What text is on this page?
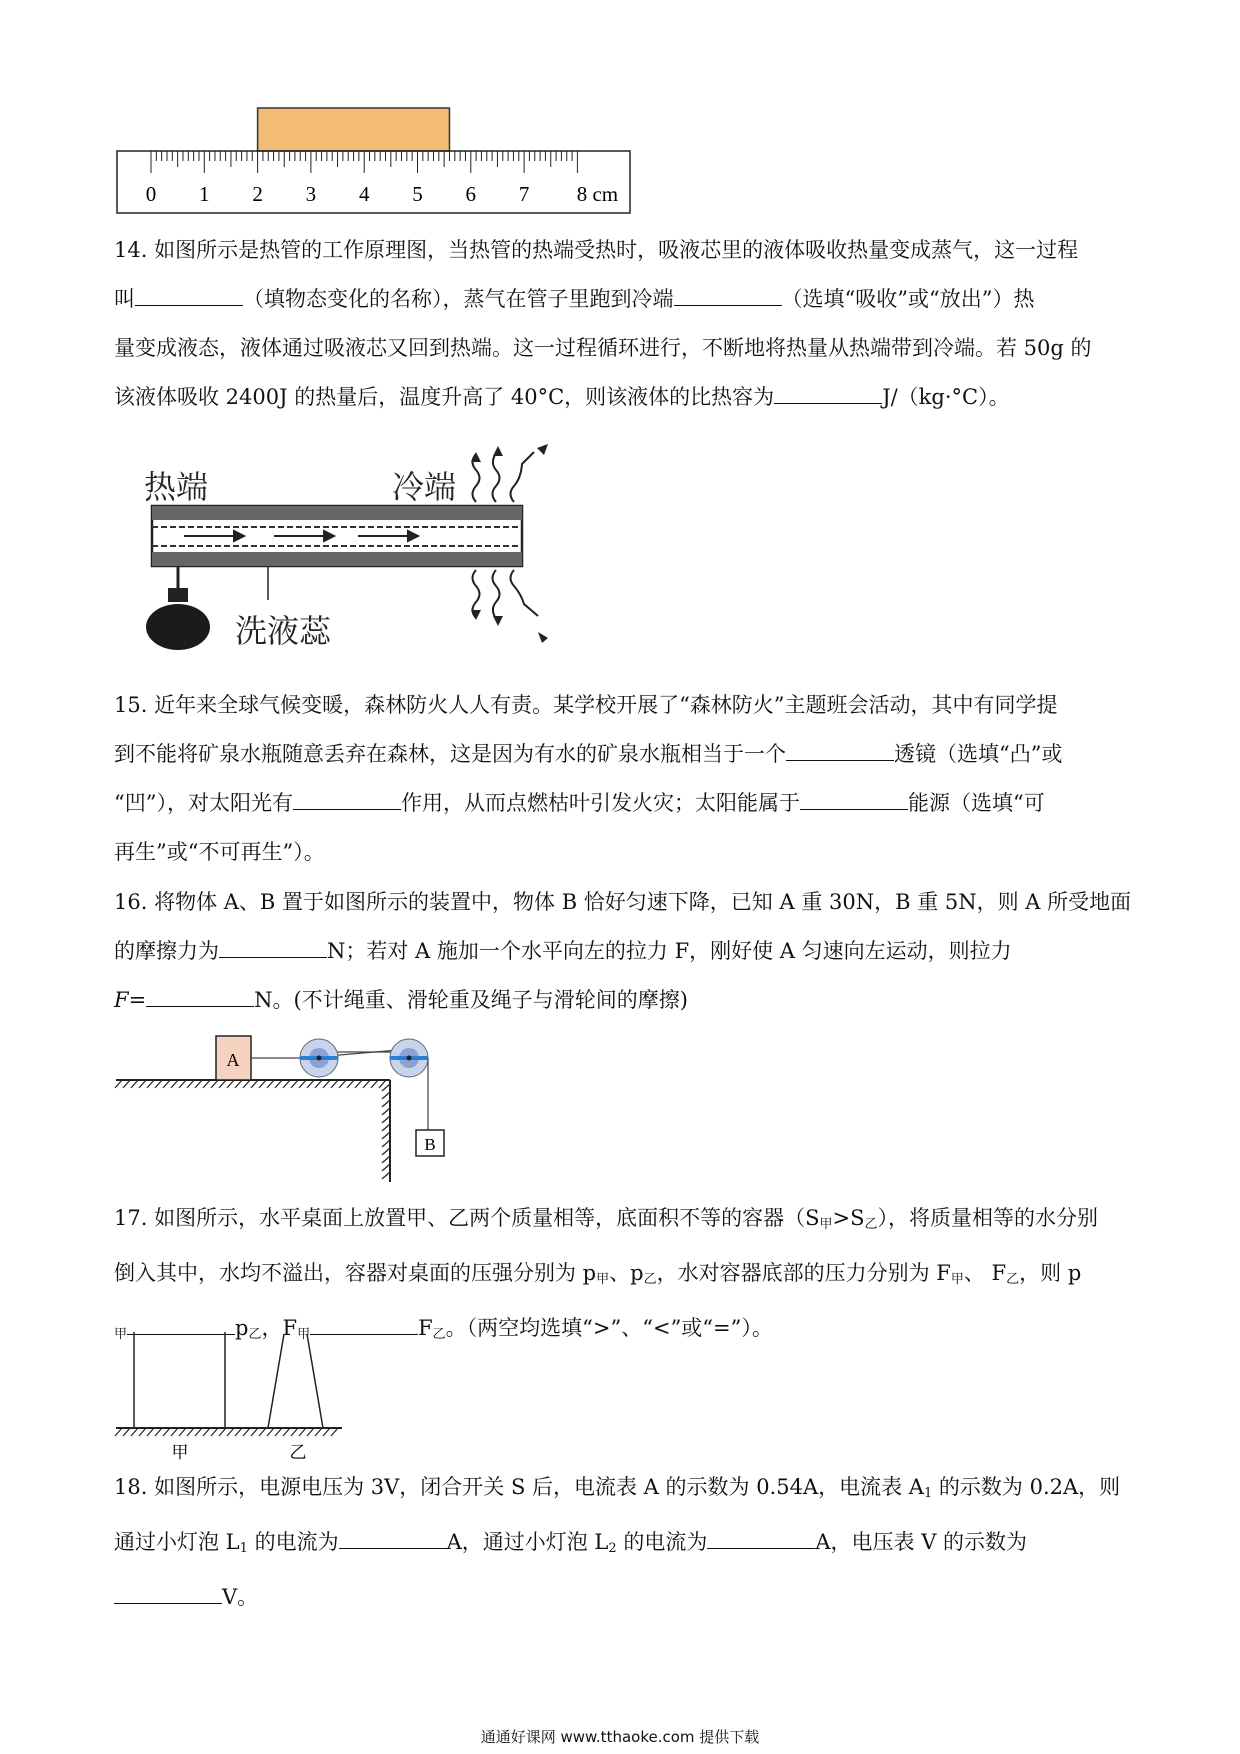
0 1 2 3 4 5 6 7 8 cm
14. 如图所示是热管的工作原理图，当热管的热端受热时，吸液芯里的液体吸收热量变成蒸气，这一过程
叫	（填物态变化的名称），蒸气在管子里跑到冷端	（选填“吸收”或“放出”）热
量变成液态，液体通过吸液芯又回到热端。这一过程循环进行，不断地将热量从热端带到冷端。若 50g 的
该液体吸收 2400J 的热量后，温度升高了 40°C，则该液体的比热容为	J/（kg·°C）。
热端	冷端
洗液蕊
15. 近年来全球气候变暖，森林防火人人有责。某学校开展了“森林防火”主题班会活动，其中有同学提
到不能将矿泉水瓶随意丢弃在森林，这是因为有水的矿泉水瓶相当于一个	透镜（选填“凸”或
“凹”），对太阳光有	作用，从而点燃枯叶引发火灾；太阳能属于	能源（选填“可
再生”或“不可再生”）。
16. 将物体 A、B 置于如图所示的装置中，物体 B 恰好匀速下降，已知 A 重 30N，B 重 5N，则 A 所受地面
的摩擦力为	N；若对 A 施加一个水平向左的拉力 F，刚好使 A 匀速向左运动，则拉力
F=	N。(不计绳重、滑轮重及绳子与滑轮间的摩擦)
A
B
17. 如图所示，水平桌面上放置甲、乙两个质量相等，底面积不等的容器$(S_甲>S_乙)$，将质量相等的水分别
倒入其中，水均不溢出，容器对桌面的压强分别为 $p_甲$、$p_乙$，水对容器底部的压力分别为 $F_甲$、 $F_乙$，则 p
$_甲$	$p_乙$，$F_甲$	$F_乙$。（两空均选填“>”、“<”或“=”）。
甲	乙
18. 如图所示，电源电压为 3V，闭合开关 S 后，电流表 A 的示数为 0.54A，电流表 $A_1$ 的示数为 0.2A，则
通过小灯泡 $L_1$ 的电流为	A，通过小灯泡 $L_2$ 的电流为	A，电压表 V 的示数为
V。
通通好课网 www.tthaoke.com 提供下载
